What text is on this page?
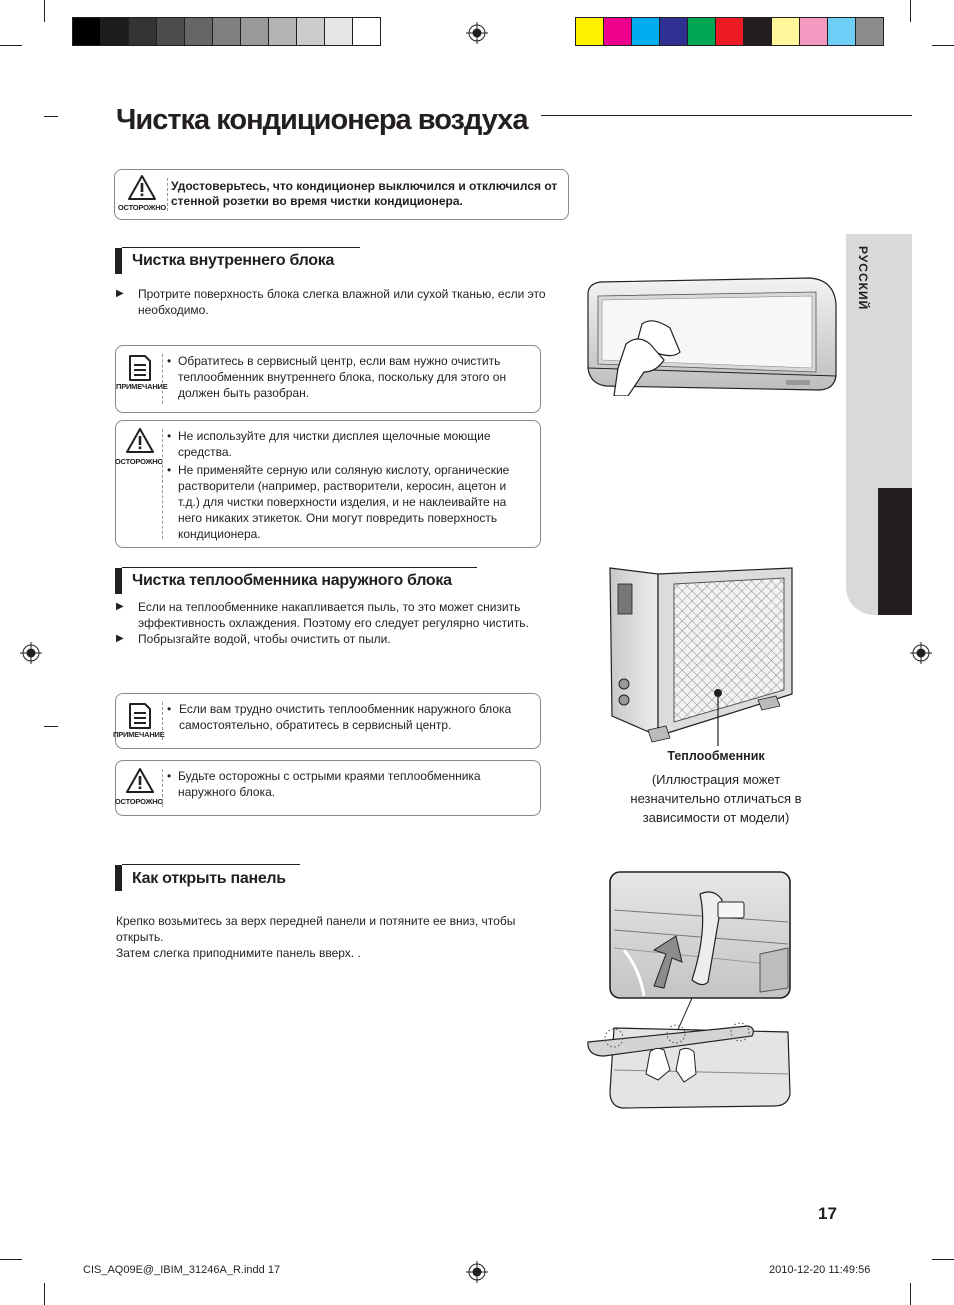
РУССКИЙ
Чистка кондиционера воздуха
ОСТОРОЖНО
Удостоверьтесь, что кондиционер выключился и отключился от стенной розетки во время чистки кондиционера.
Чистка внутреннего блока
▶ Протрите поверхность блока слегка влажной или сухой тканью, если это необходимо.
ПРИМЕЧАНИЕ
• Обратитесь в сервисный центр, если вам нужно очистить теплообменник внутреннего блока, поскольку для этого он должен быть разобран.
ОСТОРОЖНО
• Не используйте для чистки дисплея щелочные моющие средства.
• Не применяйте серную или соляную кислоту, органические растворители (например, растворители, керосин, ацетон и т.д.) для чистки поверхности изделия, и не наклеивайте на него никаких этикеток. Они могут повредить поверхность кондиционера.
Чистка теплообменника наружного блока
▶ Если на теплообменнике накапливается пыль, то это может снизить эффективность охлаждения. Поэтому его следует регулярно чистить.
▶ Побрызгайте водой, чтобы очистить от пыли.
ПРИМЕЧАНИЕ
• Если вам трудно очистить теплообменник наружного блока самостоятельно, обратитесь в сервисный центр.
ОСТОРОЖНО
• Будьте осторожны с острыми краями теплообменника наружного блока.
Теплообменник
(Иллюстрация может незначительно отличаться в зависимости от модели)
Как открыть панель
Крепко возьмитесь за верх передней панели и потяните ее вниз, чтобы открыть.
Затем слегка приподнимите панель вверх. .
17
CIS_AQ09E@_IBIM_31246A_R.indd 17	2010-12-20 11:49:56
